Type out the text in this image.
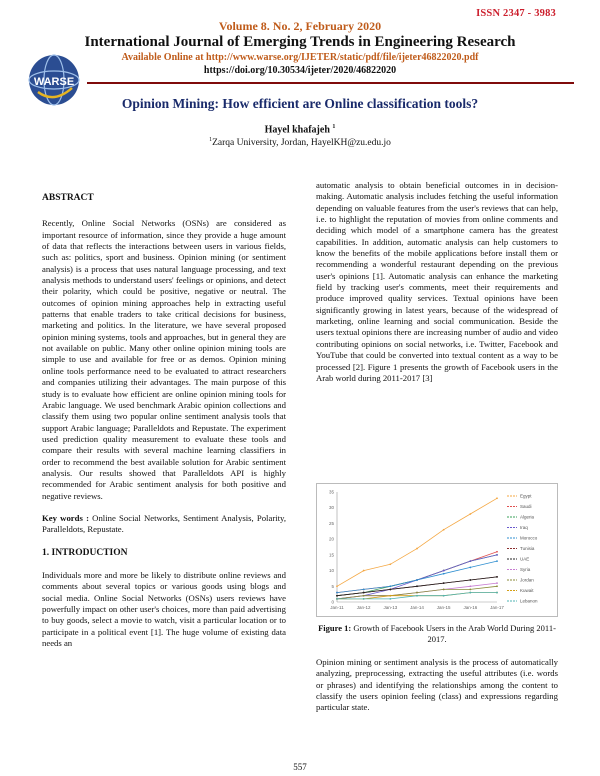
ISSN 2347 - 3983
Volume 8. No. 2, February 2020
International Journal of Emerging Trends in Engineering Research
Available Online at http://www.warse.org/IJETER/static/pdf/file/ijeter46822020.pdf
https://doi.org/10.30534/ijeter/2020/46822020
WARSE
Opinion Mining: How efficient are Online classification tools?
Hayel khafajeh $^1$
$^1$Zarqa University, Jordan, HayelKH@zu.edu.jo
ABSTRACT
Recently, Online Social Networks (OSNs) are considered as important resource of information, since they provide a huge amount of data that reflects the interactions between users in various fields, such as: politics, sport and business. Opinion mining (or sentiment analysis) is a process that uses natural language processing, and text analysis methods to understand users' feelings or opinions, and detect their polarity, which could be positive, negative or neutral. The outcomes of opinion mining approaches help in extracting useful patterns that enable traders to take critical decisions for business, marketing and politics. In the literature, we have several proposed opinion mining systems, tools and approaches, but in general they are not available on public. Many other online opinion mining tools are simple to use and available for free or as demos. Opinion mining online tools performance need to be evaluated to attract researchers and companies utilizing their advantages. The main purpose of this study is to evaluate how efficient are online opinion mining tools for Arabic language. We used benchmark Arabic opinion collections and classify them using two popular online sentiment analysis tools that support Arabic language; Paralleldots and Repustate. The experiment used prediction quality measurement to evaluate these tools and compare their results with several machine learning classifiers in order to recommend the best available solution for Arabic sentiment analysis. Our results showed that Paralleldots API is highly recommended for Arabic sentiment analysis for both positive and negative reviews.
Key words : Online Social Networks, Sentiment Analysis, Polarity, Paralleldots, Repustate.
1. INTRODUCTION
Individuals more and more be likely to distribute online reviews and comments about several topics or various goods using blogs and social media. Online Social Networks (OSNs) users reviews have powerfully impact on other user's choices, more than paid advertising to buy goods, select a movie to watch, visit a particular location or to participate in a political event [1]. The huge volume of existing data needs an
automatic analysis to obtain beneficial outcomes in in decision-making. Automatic analysis includes fetching the useful information depending on valuable features from the user's reviews that can help, i.e. to highlight the reputation of movies from online comments and deciding which model of a smartphone camera has the greatest capabilities. In addition, automatic analysis can help customers to know the benefits of the mobile applications before install them or recommending a wonderful restaurant depending on the previous user's opinions [1]. Automatic analysis can enhance the marketing field by tracking user's comments, meet their requirements and produce improved quality services. Textual opinions have been significantly growing in latest years, because of the widespread of marketing, online learning and social communication. Beside the users textual opinions there are increasing number of audio and video contributing opinions on social networks, i.e. Twitter, Facebook and YouTube that could be converted into textual content as a way to be processed [2]. Figure 1 presents the growth of Facebook users in the Arab world during 2011-2017 [3]
0
5
10
15
20
25
30
35
Jan-11	Jan-12	Jan-13	Jan-14	Jan-15	Jan-16	Jan-17
Egypt
Saudi
Algeria
Iraq
Morocco
Tunisia
UAE
Syria
Jordan
Kuwait
Lebanon
Figure 1: Growth of Facebook Users in the Arab World During 2011-2017.
Opinion mining or sentiment analysis is the process of automatically analyzing, preprocessing, extracting the useful attributes (i.e. words or phrases) and identifying the relationships among the content to classify the users opinion feeling (class) and expressions regarding particular state.
557
